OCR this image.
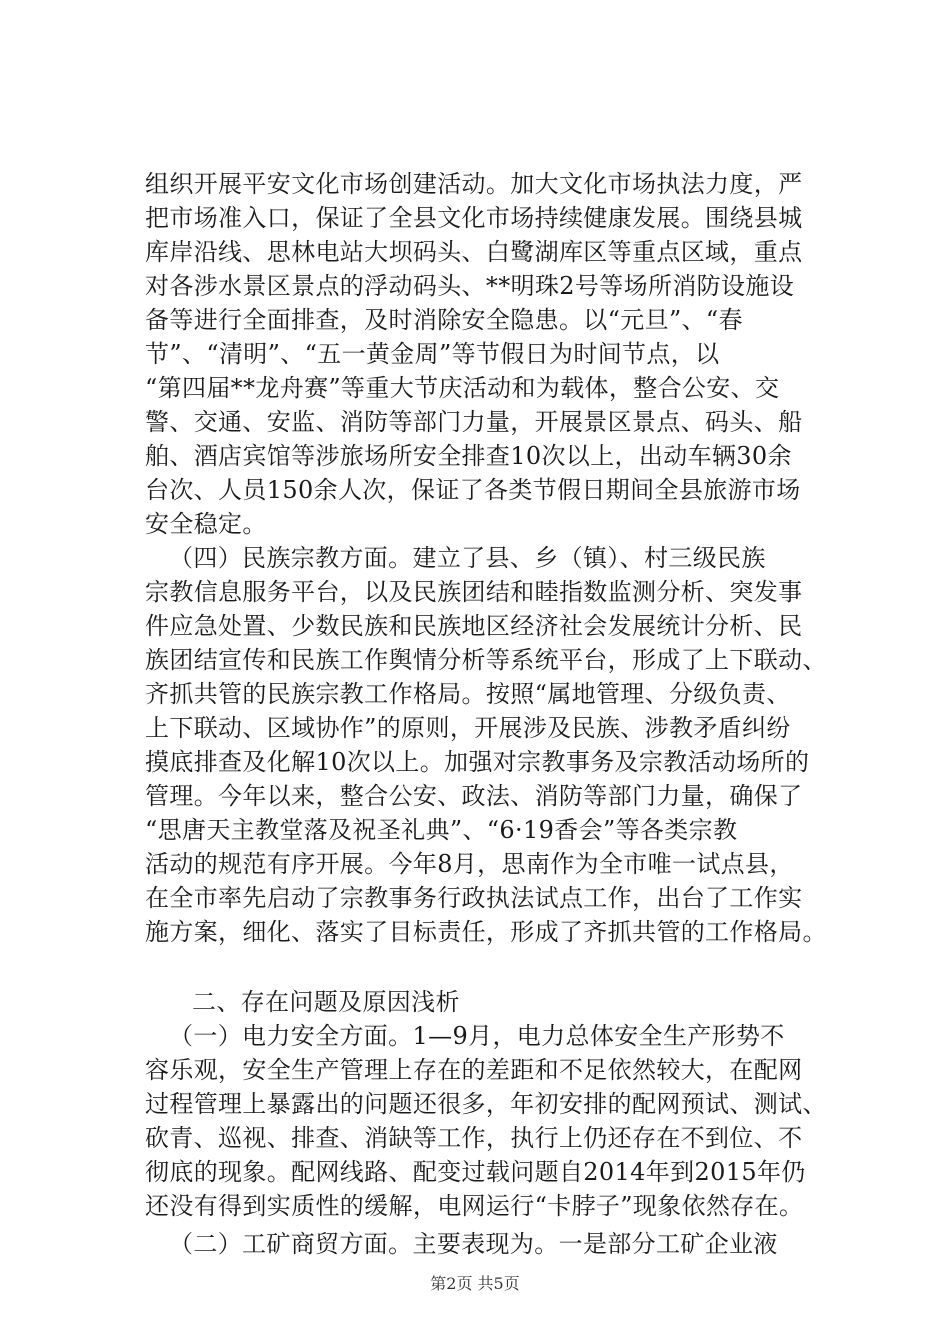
组织开展平安文化市场创建活动。加大文化市场执法力度，严
把市场准入口，保证了全县文化市场持续健康发展。围绕县城
库岸沿线、思林电站大坝码头、白鹭湖库区等重点区域，重点
对各涉水景区景点的浮动码头、**明珠2号等场所消防设施设
备等进行全面排查，及时消除安全隐患。以“元旦”、“春
节”、“清明”、“五一黄金周”等节假日为时间节点，以
“第四届**龙舟赛”等重大节庆活动和为载体，整合公安、交
警、交通、安监、消防等部门力量，开展景区景点、码头、船
舶、酒店宾馆等涉旅场所安全排查10次以上，出动车辆30余
台次、人员150余人次，保证了各类节假日期间全县旅游市场
安全稳定。
（四）民族宗教方面。建立了县、乡（镇）、村三级民族
宗教信息服务平台，以及民族团结和睦指数监测分析、突发事
件应急处置、少数民族和民族地区经济社会发展统计分析、民
族团结宣传和民族工作舆情分析等系统平台，形成了上下联动、
齐抓共管的民族宗教工作格局。按照“属地管理、分级负责、
上下联动、区域协作”的原则，开展涉及民族、涉教矛盾纠纷
摸底排查及化解10次以上。加强对宗教事务及宗教活动场所的
管理。今年以来，整合公安、政法、消防等部门力量，确保了
“思唐天主教堂落及祝圣礼典”、“6·19香会”等各类宗教
活动的规范有序开展。今年8月，思南作为全市唯一试点县，
在全市率先启动了宗教事务行政执法试点工作，出台了工作实
施方案，细化、落实了目标责任，形成了齐抓共管的工作格局。
二、存在问题及原因浅析
（一）电力安全方面。1—9月，电力总体安全生产形势不
容乐观，安全生产管理上存在的差距和不足依然较大，在配网
过程管理上暴露出的问题还很多，年初安排的配网预试、测试、
砍青、巡视、排查、消缺等工作，执行上仍还存在不到位、不
彻底的现象。配网线路、配变过载问题自2014年到2015年仍
还没有得到实质性的缓解，电网运行“卡脖子”现象依然存在。
（二）工矿商贸方面。主要表现为。一是部分工矿企业液
第2页 共5页
